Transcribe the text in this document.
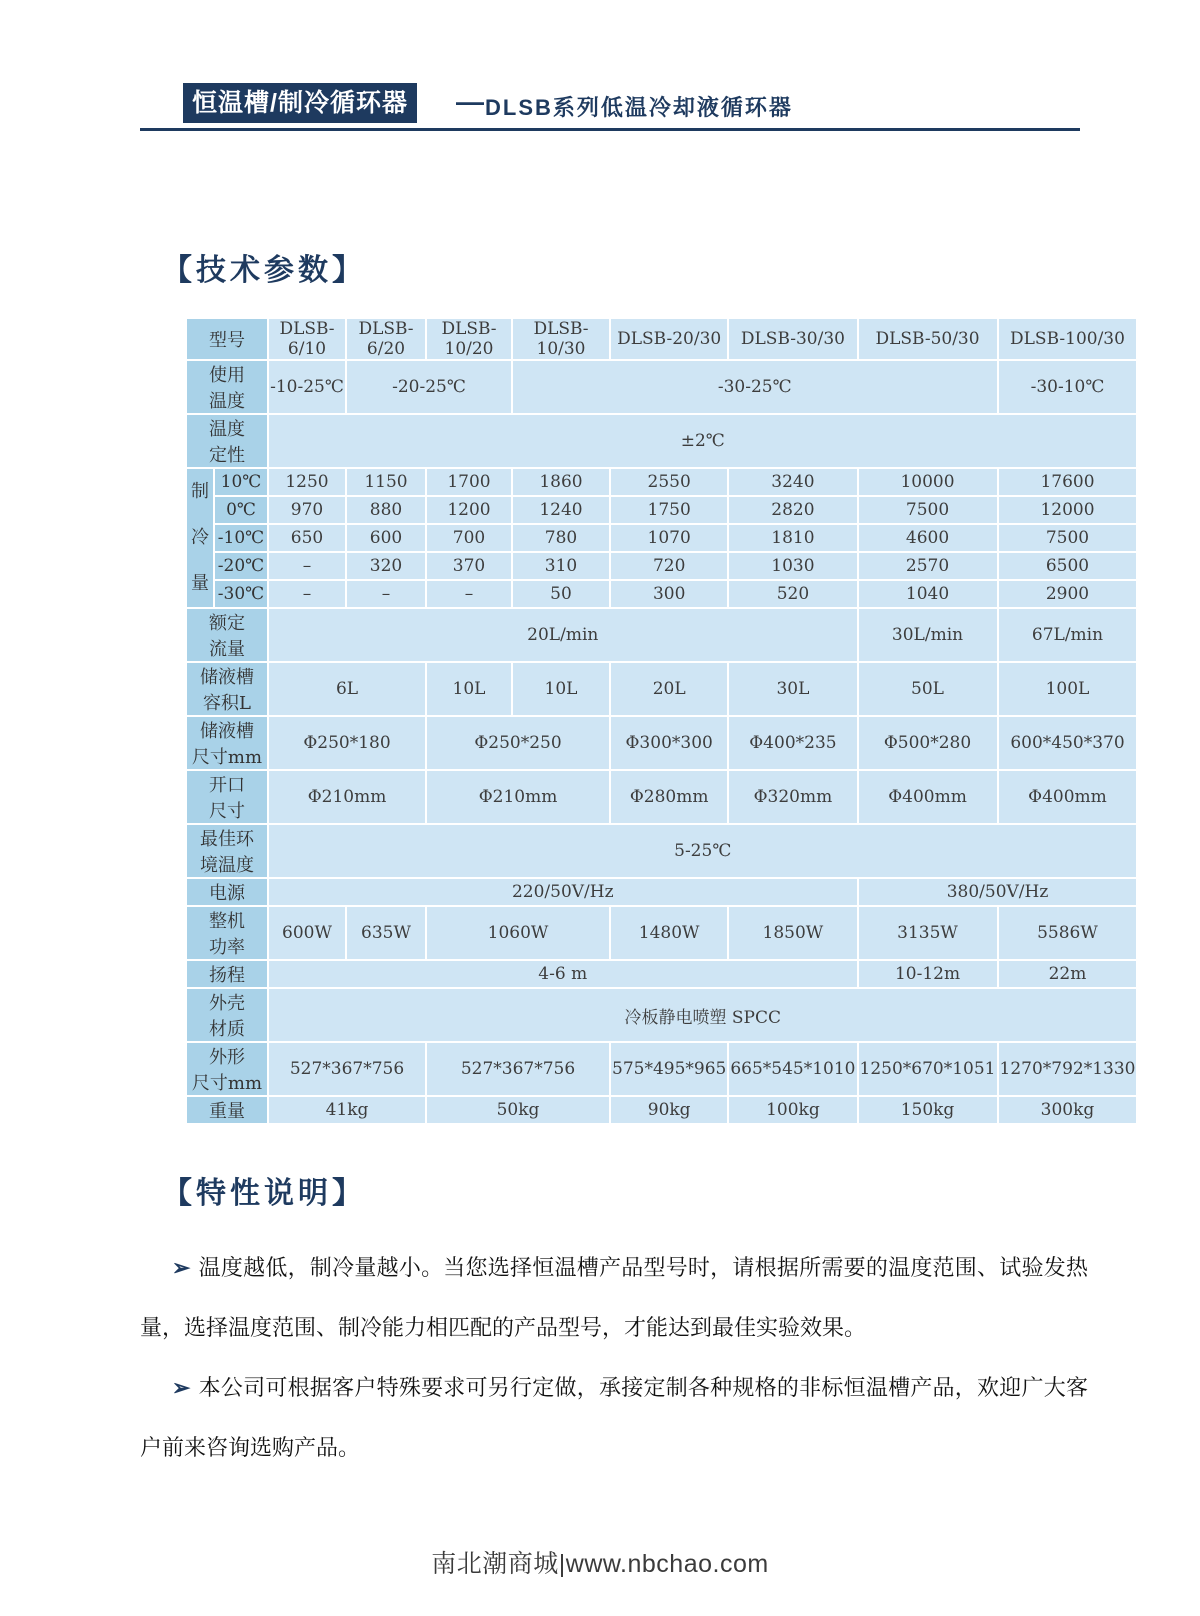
恒温槽/制冷循环器	— DLSB系列低温冷却液循环器
【技术参数】
型号		DLSB-6/10	DLSB-6/20	DLSB-10/20	DLSB-10/30	DLSB-20/30	DLSB-30/30	DLSB-50/30	DLSB-100/30
使用
温度		-10-25℃	-20-25℃		-30-25℃				-30-10℃
温度
定性		±2℃							
制
冷
量	10℃	1250	1150	1700	1860	2550	3240	10000	17600
	0℃	970	880	1200	1240	1750	2820	7500	12000
	-10℃	650	600	700	780	1070	1810	4600	7500
	-20℃	–	320	370	310	720	1030	2570	6500
	-30℃	–	–	–	50	300	520	1040	2900
额定
流量		20L/min						30L/min	67L/min
储液槽
容积L		6L		10L	10L	20L	30L	50L	100L
储液槽
尺寸mm		Φ250*180		Φ250*250		Φ300*300	Φ400*235	Φ500*280	600*450*370
开口
尺寸		Φ210mm		Φ210mm		Φ280mm	Φ320mm	Φ400mm	Φ400mm
最佳环
境温度		5-25℃							
电源		220/50V/Hz						380/50V/Hz	
整机
功率		600W	635W	1060W		1480W	1850W	3135W	5586W
扬程		4-6 m						10-12m	22m
外壳
材质		冷板静电喷塑 SPCC							
外形
尺寸mm		527*367*756		527*367*756		575*495*965	665*545*1010	1250*670*1051	1270*792*1330
重量		41kg		50kg		90kg	100kg	150kg	300kg
【特性说明】

➢ 温度越低，制冷量越小。当您选择恒温槽产品型号时，请根据所需要的温度范围、试验发热量，选择温度范围、制冷能力相匹配的产品型号，才能达到最佳实验效果。

➢ 本公司可根据客户特殊要求可另行定做，承接定制各种规格的非标恒温槽产品，欢迎广大客户前来咨询选购产品。

南北潮商城|www.nbchao.com
